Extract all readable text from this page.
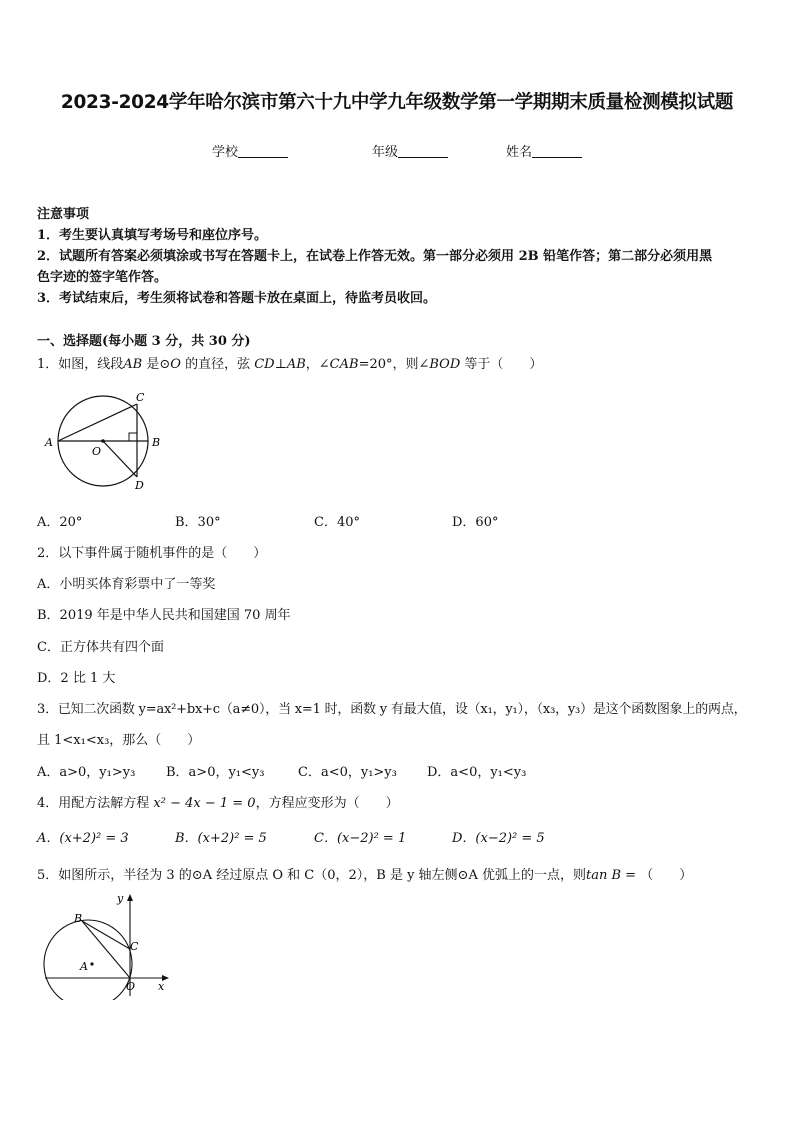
2023-2024学年哈尔滨市第六十九中学九年级数学第一学期期末质量检测模拟试题
学校	年级	姓名
注意事项
1．考生要认真填写考场号和座位序号。
2．试题所有答案必须填涂或书写在答题卡上，在试卷上作答无效。第一部分必须用 2B 铅笔作答；第二部分必须用黑
色字迹的签字笔作答。
3．考试结束后，考生须将试卷和答题卡放在桌面上，待监考员收回。
一、选择题(每小题 3 分，共 30 分)
1．如图，线段AB 是⊙O 的直径，弦 CD⊥AB，∠CAB=20°，则∠BOD 等于（　　）
A	B
C
D
O
A．20°	B．30°	C．40°	D．60°
2．以下事件属于随机事件的是（　　）
A．小明买体育彩票中了一等奖
B．2019 年是中华人民共和国建国 70 周年
C．正方体共有四个面
D．2 比 1 大
3．已知二次函数 y=ax²+bx+c（a≠0），当 x=1 时，函数 y 有最大值，设（x₁，y₁），（x₃，y₃）是这个函数图象上的两点，
且 1<x₁<x₃，那么（　　）
A．a>0，y₁>y₃ B．a>0，y₁<y₃	C．a<0，y₁>y₃ D．a<0，y₁<y₃
4．用配方法解方程 x² − 4x − 1 = 0，方程应变形为（　　）
A．(x+2)² = 3	B．(x+2)² = 5	C．(x−2)² = 1	D．(x−2)² = 5
5．如图所示，半径为 3 的⊙A 经过原点 O 和 C（0，2），B 是 y 轴左侧⊙A 优弧上的一点，则tan B = （　　）
y
x
B
C
A
O
